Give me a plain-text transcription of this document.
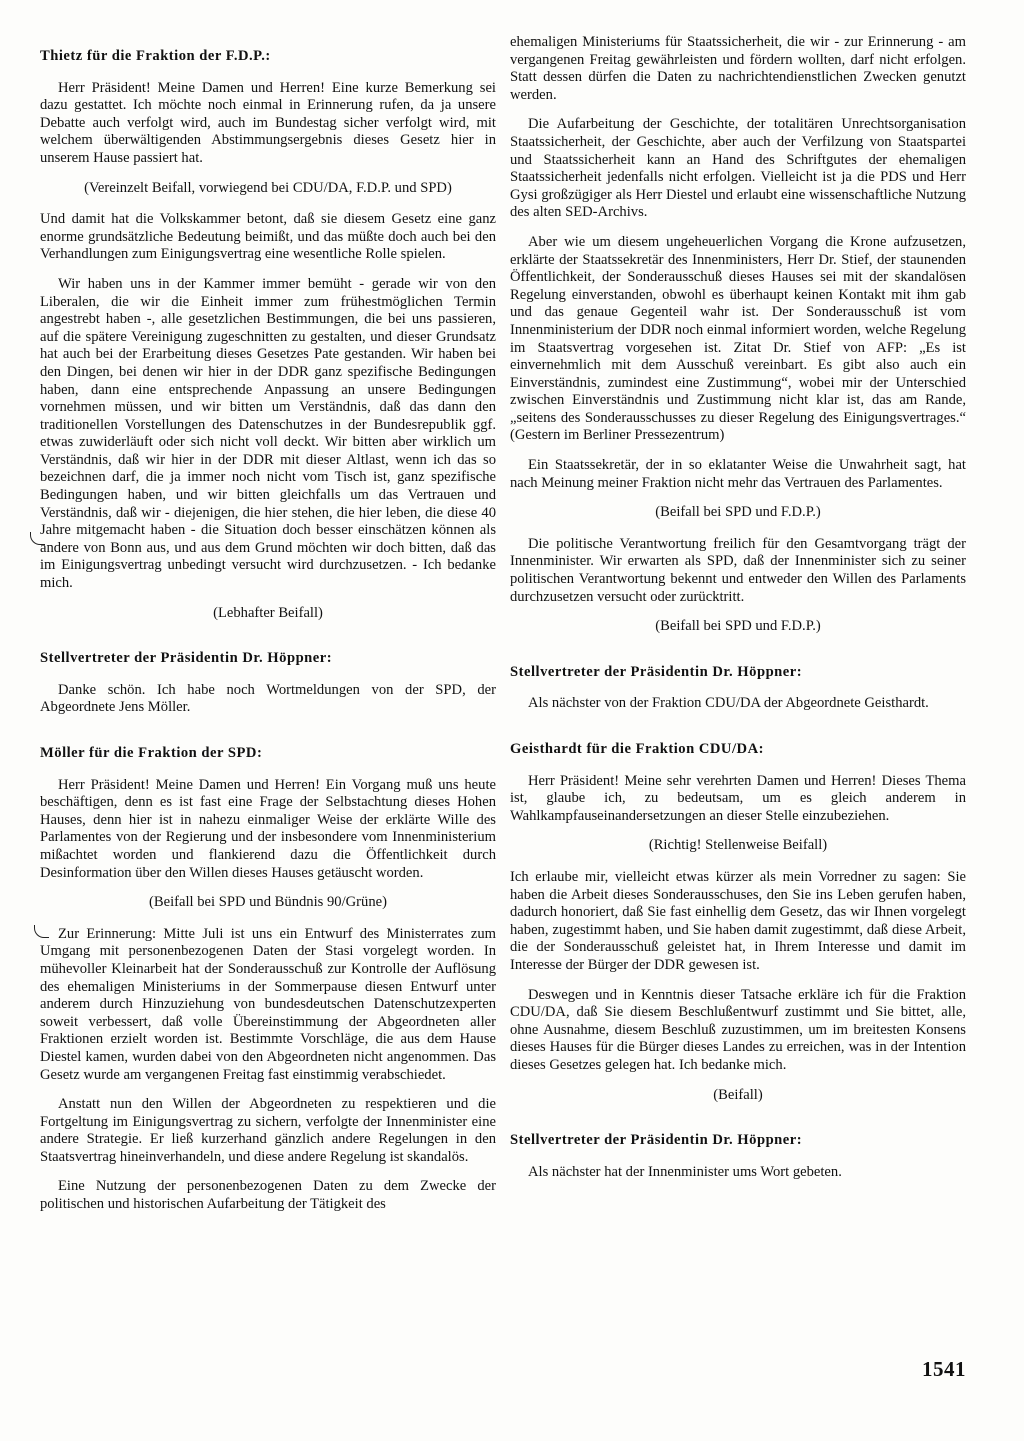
Thietz für die Fraktion der F.D.P.:
Herr Präsident! Meine Damen und Herren! Eine kurze Bemerkung sei dazu gestattet. Ich möchte noch einmal in Erinnerung rufen, da ja unsere Debatte auch verfolgt wird, auch im Bundestag sicher verfolgt wird, mit welchem überwältigenden Abstimmungsergebnis dieses Gesetz hier in unserem Hause passiert hat.
(Vereinzelt Beifall, vorwiegend bei CDU/DA, F.D.P. und SPD)
Und damit hat die Volkskammer betont, daß sie diesem Gesetz eine ganz enorme grundsätzliche Bedeutung beimißt, und das müßte doch auch bei den Verhandlungen zum Einigungsvertrag eine wesentliche Rolle spielen.
Wir haben uns in der Kammer immer bemüht - gerade wir von den Liberalen, die wir die Einheit immer zum frühestmöglichen Termin angestrebt haben -, alle gesetzlichen Bestimmungen, die bei uns passieren, auf die spätere Vereinigung zugeschnitten zu gestalten, und dieser Grundsatz hat auch bei der Erarbeitung dieses Gesetzes Pate gestanden. Wir haben bei den Dingen, bei denen wir hier in der DDR ganz spezifische Bedingungen haben, dann eine entsprechende Anpassung an unsere Bedingungen vornehmen müssen, und wir bitten um Verständnis, daß das dann den traditionellen Vorstellungen des Datenschutzes in der Bundesrepublik ggf. etwas zuwiderläuft oder sich nicht voll deckt. Wir bitten aber wirklich um Verständnis, daß wir hier in der DDR mit dieser Altlast, wenn ich das so bezeichnen darf, die ja immer noch nicht vom Tisch ist, ganz spezifische Bedingungen haben, und wir bitten gleichfalls um das Vertrauen und Verständnis, daß wir - diejenigen, die hier stehen, die hier leben, die diese 40 Jahre mitgemacht haben - die Situation doch besser einschätzen können als andere von Bonn aus, und aus dem Grund möchten wir doch bitten, daß das im Einigungsvertrag unbedingt versucht wird durchzusetzen. - Ich bedanke mich.
(Lebhafter Beifall)
Stellvertreter der Präsidentin Dr. Höppner:
Danke schön. Ich habe noch Wortmeldungen von der SPD, der Abgeordnete Jens Möller.
Möller für die Fraktion der SPD:
Herr Präsident! Meine Damen und Herren! Ein Vorgang muß uns heute beschäftigen, denn es ist fast eine Frage der Selbstachtung dieses Hohen Hauses, denn hier ist in nahezu einmaliger Weise der erklärte Wille des Parlamentes von der Regierung und der insbesondere vom Innenministerium mißachtet worden und flankierend dazu die Öffentlichkeit durch Desinformation über den Willen dieses Hauses getäuscht worden.
(Beifall bei SPD und Bündnis 90/Grüne)
Zur Erinnerung: Mitte Juli ist uns ein Entwurf des Ministerrates zum Umgang mit personenbezogenen Daten der Stasi vorgelegt worden. In mühevoller Kleinarbeit hat der Sonderausschuß zur Kontrolle der Auflösung des ehemaligen Ministeriums in der Sommerpause diesen Entwurf unter anderem durch Hinzuziehung von bundesdeutschen Datenschutzexperten soweit verbessert, daß volle Übereinstimmung der Abgeordneten aller Fraktionen erzielt worden ist. Bestimmte Vorschläge, die aus dem Hause Diestel kamen, wurden dabei von den Abgeordneten nicht angenommen. Das Gesetz wurde am vergangenen Freitag fast einstimmig verabschiedet.
Anstatt nun den Willen der Abgeordneten zu respektieren und die Fortgeltung im Einigungsvertrag zu sichern, verfolgte der Innenminister eine andere Strategie. Er ließ kurzerhand gänzlich andere Regelungen in den Staatsvertrag hineinverhandeln, und diese andere Regelung ist skandalös.
Eine Nutzung der personenbezogenen Daten zu dem Zwecke der politischen und historischen Aufarbeitung der Tätigkeit des
ehemaligen Ministeriums für Staatssicherheit, die wir - zur Erinnerung - am vergangenen Freitag gewährleisten und fördern wollten, darf nicht erfolgen. Statt dessen dürfen die Daten zu nachrichtendienstlichen Zwecken genutzt werden.
Die Aufarbeitung der Geschichte, der totalitären Unrechtsorganisation Staatssicherheit, der Geschichte, aber auch der Verfilzung von Staatspartei und Staatssicherheit kann an Hand des Schriftgutes der ehemaligen Staatssicherheit jedenfalls nicht erfolgen. Vielleicht ist ja die PDS und Herr Gysi großzügiger als Herr Diestel und erlaubt eine wissenschaftliche Nutzung des alten SED-Archivs.
Aber wie um diesem ungeheuerlichen Vorgang die Krone aufzusetzen, erklärte der Staatssekretär des Innenministers, Herr Dr. Stief, der staunenden Öffentlichkeit, der Sonderausschuß dieses Hauses sei mit der skandalösen Regelung einverstanden, obwohl es überhaupt keinen Kontakt mit ihm gab und das genaue Gegenteil wahr ist. Der Sonderausschuß ist vom Innenministerium der DDR noch einmal informiert worden, welche Regelung im Staatsvertrag vorgesehen ist. Zitat Dr. Stief von AFP: „Es ist einvernehmlich mit dem Ausschuß vereinbart. Es gibt also auch ein Einverständnis, zumindest eine Zustimmung“, wobei mir der Unterschied zwischen Einverständnis und Zustimmung nicht klar ist, das am Rande, „seitens des Sonderausschusses zu dieser Regelung des Einigungsvertrages.“ (Gestern im Berliner Pressezentrum)
Ein Staatssekretär, der in so eklatanter Weise die Unwahrheit sagt, hat nach Meinung meiner Fraktion nicht mehr das Vertrauen des Parlamentes.
(Beifall bei SPD und F.D.P.)
Die politische Verantwortung freilich für den Gesamtvorgang trägt der Innenminister. Wir erwarten als SPD, daß der Innenminister sich zu seiner politischen Verantwortung bekennt und entweder den Willen des Parlaments durchzusetzen versucht oder zurücktritt.
(Beifall bei SPD und F.D.P.)
Stellvertreter der Präsidentin Dr. Höppner:
Als nächster von der Fraktion CDU/DA der Abgeordnete Geisthardt.
Geisthardt für die Fraktion CDU/DA:
Herr Präsident! Meine sehr verehrten Damen und Herren! Dieses Thema ist, glaube ich, zu bedeutsam, um es gleich anderem in Wahlkampfauseinandersetzungen an dieser Stelle einzubeziehen.
(Richtig! Stellenweise Beifall)
Ich erlaube mir, vielleicht etwas kürzer als mein Vorredner zu sagen: Sie haben die Arbeit dieses Sonderausschuses, den Sie ins Leben gerufen haben, dadurch honoriert, daß Sie fast einhellig dem Gesetz, das wir Ihnen vorgelegt haben, zugestimmt haben, und Sie haben damit zugestimmt, daß diese Arbeit, die der Sonderausschuß geleistet hat, in Ihrem Interesse und damit im Interesse der Bürger der DDR gewesen ist.
Deswegen und in Kenntnis dieser Tatsache erkläre ich für die Fraktion CDU/DA, daß Sie diesem Beschlußentwurf zustimmt und Sie bittet, alle, ohne Ausnahme, diesem Beschluß zuzustimmen, um im breitesten Konsens dieses Hauses für die Bürger dieses Landes zu erreichen, was in der Intention dieses Gesetzes gelegen hat. Ich bedanke mich.
(Beifall)
Stellvertreter der Präsidentin Dr. Höppner:
Als nächster hat der Innenminister ums Wort gebeten.
1541
